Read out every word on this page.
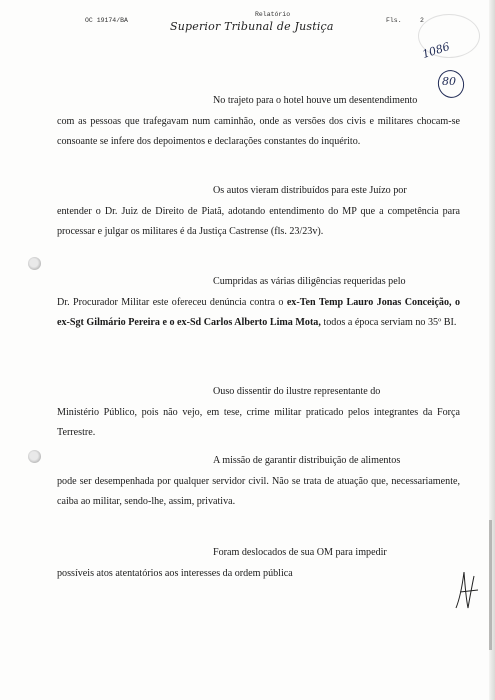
OC 19174/BA
Relatório
Fls.	2
Superior Tribunal de Justiça
1086
80

No trajeto para o hotel houve um desentendimento

com as pessoas que trafegavam num caminhão, onde as versões dos civis e militares chocam-se consoante se infere dos depoimentos e declarações constantes do inquérito.

Os autos vieram distribuídos para este Juízo por

entender o Dr. Juiz de Direito de Piatã, adotando entendimento do MP que a competência para processar e julgar os militares é da Justiça Castrense (fls. 23/23v).

Cumpridas as várias diligências requeridas pelo

Dr. Procurador Militar este ofereceu denúncia contra o ex-Ten Temp Lauro Jonas Conceição, o ex-Sgt Gilmário Pereira e o ex-Sd Carlos Alberto Lima Mota, todos a época serviam no 35º BI.

Ouso dissentir do ilustre representante do

Ministério Público, pois não vejo, em tese, crime militar praticado pelos integrantes da Força Terrestre.

A missão de garantir distribuição de alimentos

pode ser desempenhada por qualquer servidor civil. Não se trata de atuação que, necessariamente, caiba ao militar, sendo-lhe, assim, privativa.

Foram deslocados de sua OM para impedir

possíveis atos atentatórios aos interesses da ordem pública
